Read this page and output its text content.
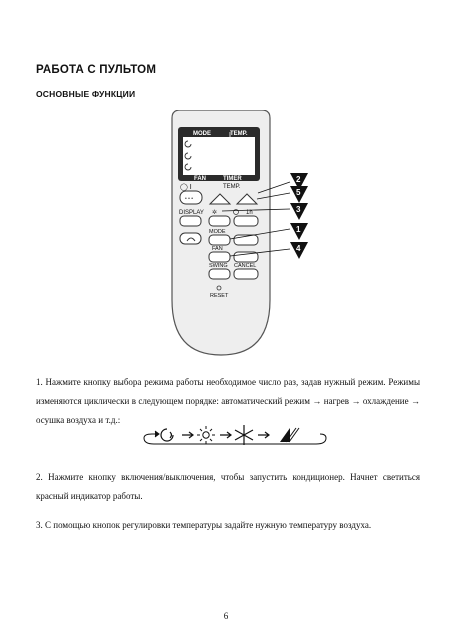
РАБОТА С ПУЛЬТОМ
ОСНОВНЫЕ ФУНКЦИИ
MODE	TEMP.
FAN	TIMER
◯ I
• • •
TEMP.
DISPLAY ✲	1h
MODE
FAN
SWING CANCEL
RESET
2
5
3
1
4
1. Нажмите кнопку выбора режима работы необходимое число раз, задав нужный режим. Режимы изменяются циклически в следующем порядке: автоматический режим → нагрев → охлаждение → осушка воздуха и т.д.:
2. Нажмите кнопку включения/выключения, чтобы запустить кондиционер. Начнет светиться красный индикатор работы.
3. С помощью кнопок регулировки температуры задайте нужную температуру воздуха.
6
